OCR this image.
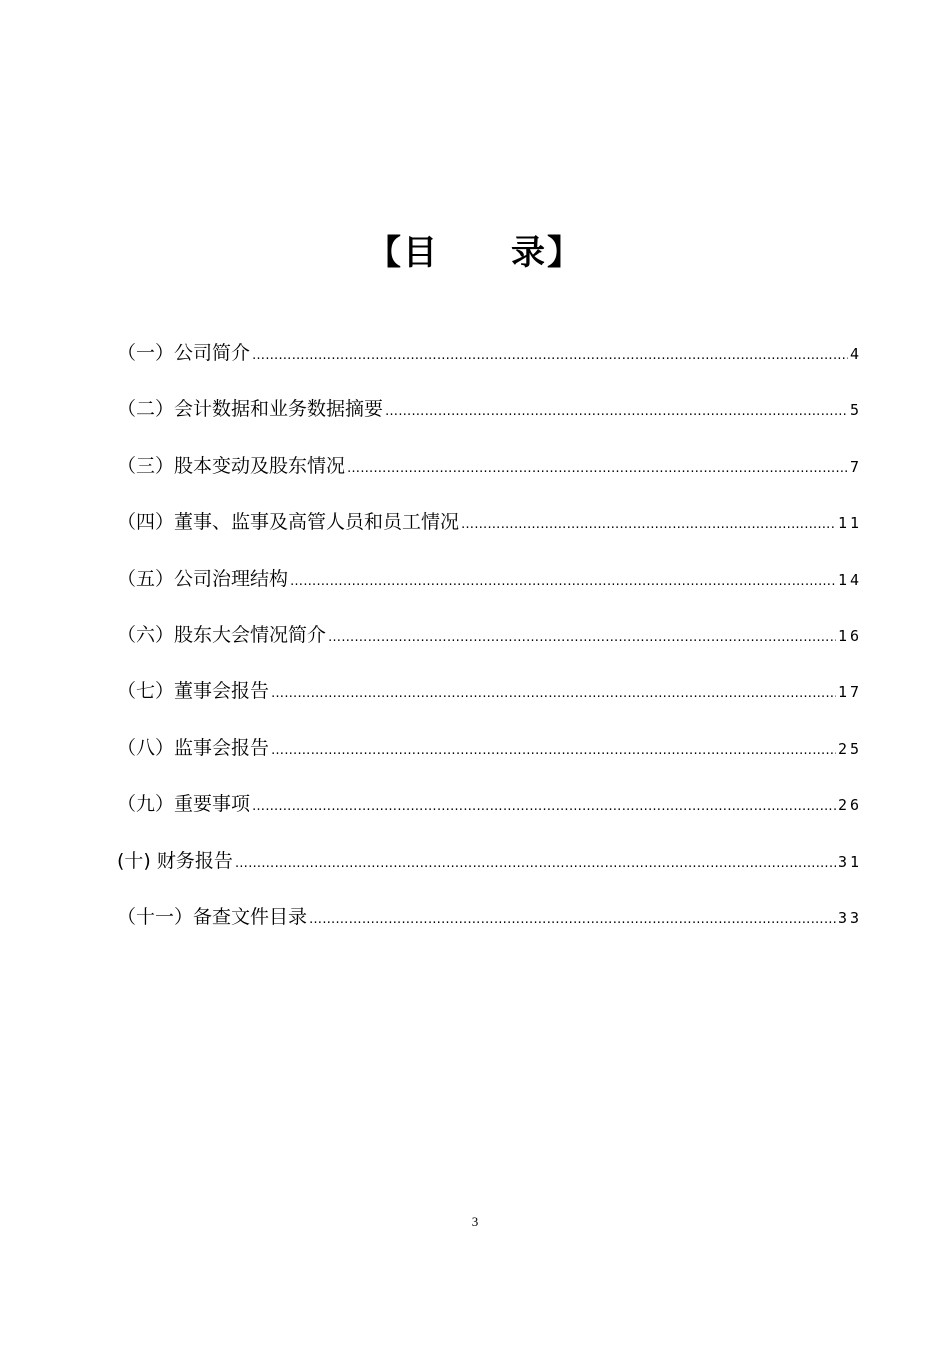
【目 录】
（一）公司简介 ……………………………………………………………………………………………………………………………………………………………………………………………………………………………………	4
（二）会计数据和业务数据摘要 ……………………………………………………………………………………………………………………………………………………………………………………………………………………………………	5
（三）股本变动及股东情况 ……………………………………………………………………………………………………………………………………………………………………………………………………………………………………	7
（四）董事、监事及高管人员和员工情况 ……………………………………………………………………………………………………………………………………………………………………………………………………………………………………	11
（五）公司治理结构 ……………………………………………………………………………………………………………………………………………………………………………………………………………………………………	14
（六）股东大会情况简介 ……………………………………………………………………………………………………………………………………………………………………………………………………………………………………	16
（七）董事会报告 ……………………………………………………………………………………………………………………………………………………………………………………………………………………………………	17
（八）监事会报告 ……………………………………………………………………………………………………………………………………………………………………………………………………………………………………	25
（九）重要事项 ……………………………………………………………………………………………………………………………………………………………………………………………………………………………………	26
(十) 财务报告 ……………………………………………………………………………………………………………………………………………………………………………………………………………………………………	31
（十一）备查文件目录 ……………………………………………………………………………………………………………………………………………………………………………………………………………………………………	33
3
